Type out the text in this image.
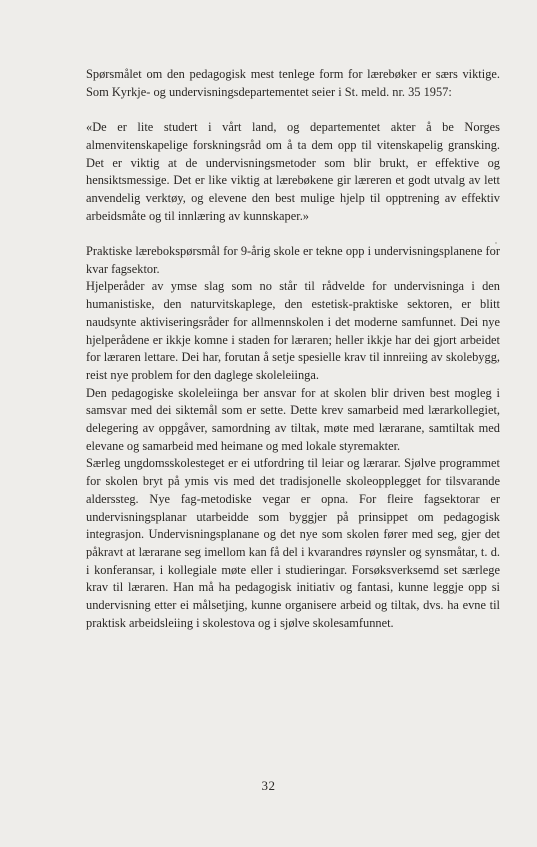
Spørsmålet om den pedagogisk mest tenlege form for lærebøker er særs viktige. Som Kyrkje- og undervisningsdepartementet seier i St. meld. nr. 35 1957:

«De er lite studert i vårt land, og departementet akter å be Norges almenvitenskapelige forskningsråd om å ta dem opp til vitenskapelig gransking. Det er viktig at de undervisningsmetoder som blir brukt, er effektive og hensiktsmessige. Det er like viktig at lærebøkene gir læreren et godt utvalg av lett anvendelig verktøy, og elevene den best mulige hjelp til opptrening av effektiv arbeidsmåte og til innlæring av kunnskaper.»

Praktiske lærebokspørsmål for 9-årig skole er tekne opp i undervisningsplanene for kvar fagsektor.

Hjelperåder av ymse slag som no står til rådvelde for undervisninga i den humanistiske, den naturvitskaplege, den estetisk-praktiske sektoren, er blitt naudsynte aktiviseringsråder for allmennskolen i det moderne samfunnet. Dei nye hjelperådene er ikkje komne i staden for læraren; heller ikkje har dei gjort arbeidet for læraren lettare. Dei har, forutan å setje spesielle krav til innreiing av skolebygg, reist nye problem for den daglege skoleleiinga.

Den pedagogiske skoleleiinga ber ansvar for at skolen blir driven best mogleg i samsvar med dei siktemål som er sette. Dette krev samarbeid med lærarkollegiet, delegering av oppgåver, samordning av tiltak, møte med lærarane, samtiltak med elevane og samarbeid med heimane og med lokale styremakter.

Særleg ungdomsskolesteget er ei utfordring til leiar og lærarar. Sjølve programmet for skolen bryt på ymis vis med det tradisjonelle skoleopplegget for tilsvarande alderssteg. Nye fag-metodiske vegar er opna. For fleire fagsektorar er undervisningsplanar utarbeidde som byggjer på prinsippet om pedagogisk integrasjon. Undervisningsplanane og det nye som skolen fører med seg, gjer det påkravt at lærarane seg imellom kan få del i kvarandres røynsler og synsmåtar, t. d. i konferansar, i kollegiale møte eller i studieringar. Forsøksverksemd set særlege krav til læraren. Han må ha pedagogisk initiativ og fantasi, kunne leggje opp si undervisning etter ei målsetjing, kunne organisere arbeid og tiltak, dvs. ha evne til praktisk arbeidsleiing i skolestova og i sjølve skolesamfunnet.

32
